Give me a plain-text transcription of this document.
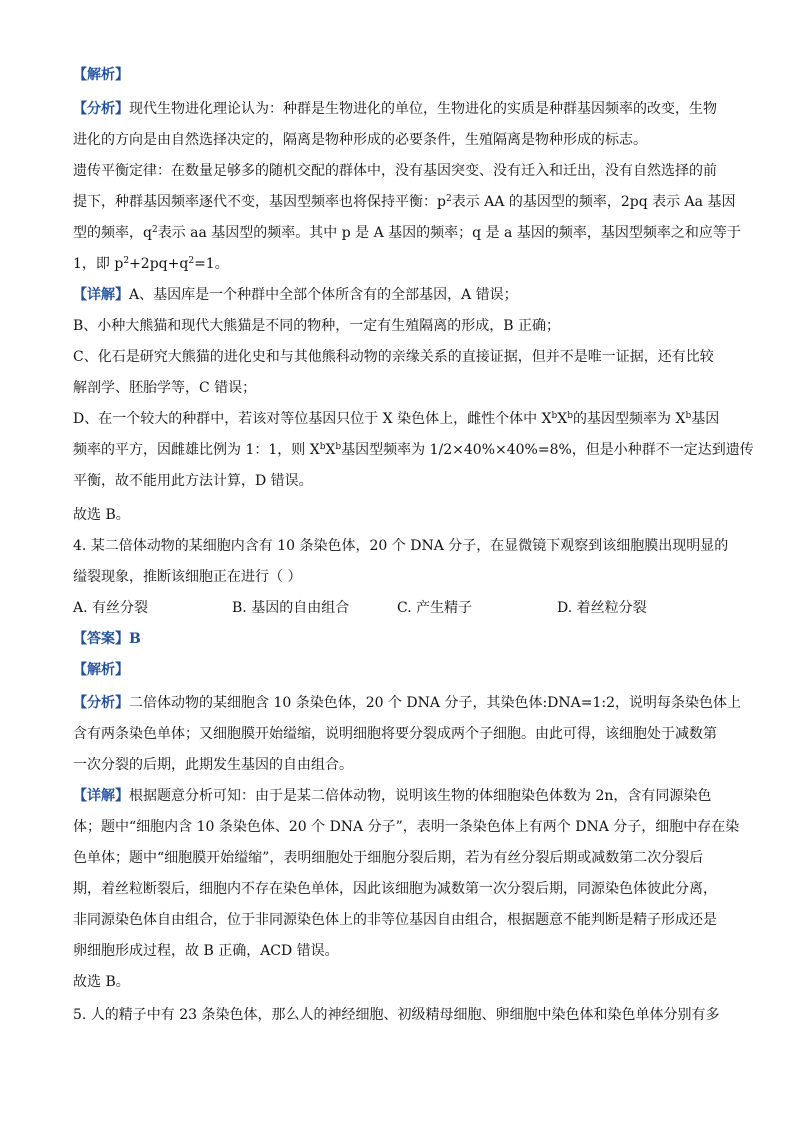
【解析】
【分析】现代生物进化理论认为：种群是生物进化的单位，生物进化的实质是种群基因频率的改变，生物
进化的方向是由自然选择决定的，隔离是物种形成的必要条件，生殖隔离是物种形成的标志。
遗传平衡定律：在数量足够多的随机交配的群体中，没有基因突变、没有迁入和迁出，没有自然选择的前
提下，种群基因频率逐代不变，基因型频率也将保持平衡：$p^2$表示 AA 的基因型的频率，2pq 表示 Aa 基因
型的频率，$q^2$表示 aa 基因型的频率。其中 p 是 A 基因的频率；q 是 a 基因的频率，基因型频率之和应等于
1，即 $p^2+2pq+q^2=1$。
【详解】A、基因库是一个种群中全部个体所含有的全部基因，A 错误；
B、小种大熊猫和现代大熊猫是不同的物种，一定有生殖隔离的形成，B 正确；
C、化石是研究大熊猫的进化史和与其他熊科动物的亲缘关系的直接证据，但并不是唯一证据，还有比较
解剖学、胚胎学等，C 错误；
D、在一个较大的种群中，若该对等位基因只位于 X 染色体上，雌性个体中 $X^bX^b$的基因型频率为 $X^b$基因
频率的平方，因雌雄比例为 1：1，则 $X^bX^b$基因型频率为 1/2×40%×40%=8%，但是小种群不一定达到遗传
平衡，故不能用此方法计算，D 错误。
故选 B。
4. 某二倍体动物的某细胞内含有 10 条染色体，20 个 DNA 分子，在显微镜下观察到该细胞膜出现明显的
缢裂现象，推断该细胞正在进行（ ）
A. 有丝分裂	B. 基因的自由组合	C. 产生精子	D. 着丝粒分裂
【答案】B
【解析】
【分析】二倍体动物的某细胞含 10 条染色体，20 个 DNA 分子，其染色体:DNA=1:2，说明每条染色体上
含有两条染色单体；又细胞膜开始缢缩，说明细胞将要分裂成两个子细胞。由此可得，该细胞处于减数第
一次分裂的后期，此期发生基因的自由组合。
【详解】根据题意分析可知：由于是某二倍体动物，说明该生物的体细胞染色体数为 2n，含有同源染色
体；题中“细胞内含 10 条染色体、20 个 DNA 分子”，表明一条染色体上有两个 DNA 分子，细胞中存在染
色单体；题中“细胞膜开始缢缩”，表明细胞处于细胞分裂后期，若为有丝分裂后期或减数第二次分裂后
期，着丝粒断裂后，细胞内不存在染色单体，因此该细胞为减数第一次分裂后期，同源染色体彼此分离，
非同源染色体自由组合，位于非同源染色体上的非等位基因自由组合，根据题意不能判断是精子形成还是
卵细胞形成过程，故 B 正确，ACD 错误。
故选 B。
5. 人的精子中有 23 条染色体，那么人的神经细胞、初级精母细胞、卵细胞中染色体和染色单体分别有多
